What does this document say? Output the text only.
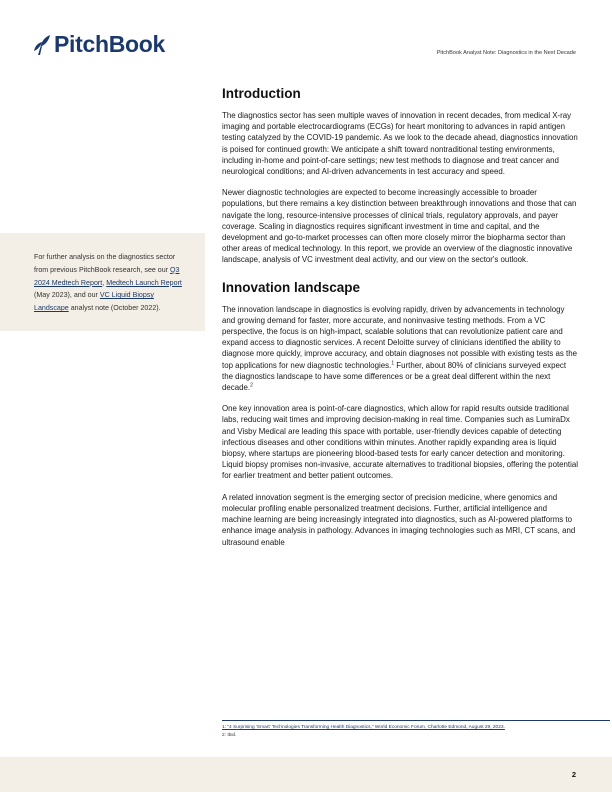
PitchBook	PitchBook Analyst Note: Diagnostics in the Next Decade
For further analysis on the diagnostics sector from previous PitchBook research, see our Q3 2024 Medtech Report, Medtech Launch Report (May 2023), and our VC Liquid Biopsy Landscape analyst note (October 2022).
Introduction

The diagnostics sector has seen multiple waves of innovation in recent decades, from medical X-ray imaging and portable electrocardiograms (ECGs) for heart monitoring to advances in rapid antigen testing catalyzed by the COVID-19 pandemic. As we look to the decade ahead, diagnostics innovation is poised for continued growth: We anticipate a shift toward nontraditional testing environments, including in-home and point-of-care settings; new test methods to diagnose and treat cancer and neurological conditions; and AI-driven advancements in test accuracy and speed.

Newer diagnostic technologies are expected to become increasingly accessible to broader populations, but there remains a key distinction between breakthrough innovations and those that can navigate the long, resource-intensive processes of clinical trials, regulatory approvals, and payer coverage. Scaling in diagnostics requires significant investment in time and capital, and the development and go-to-market processes can often more closely mirror the biopharma sector than other areas of medical technology. In this report, we provide an overview of the diagnostic innovative landscape, analysis of VC investment deal activity, and our view on the sector's outlook.

Innovation landscape

The innovation landscape in diagnostics is evolving rapidly, driven by advancements in technology and growing demand for faster, more accurate, and noninvasive testing methods. From a VC perspective, the focus is on high-impact, scalable solutions that can revolutionize patient care and expand access to diagnostic services. A recent Deloitte survey of clinicians identified the ability to diagnose more quickly, improve accuracy, and obtain diagnoses not possible with existing tests as the top applications for new diagnostic technologies.$^1$ Further, about 80% of clinicians surveyed expect the diagnostics landscape to have some differences or be a great deal different within the next decade.$^2$

One key innovation area is point-of-care diagnostics, which allow for rapid results outside traditional labs, reducing wait times and improving decision-making in real time. Companies such as LumiraDx and Visby Medical are leading this space with portable, user-friendly devices capable of detecting infectious diseases and other conditions within minutes. Another rapidly expanding area is liquid biopsy, where startups are pioneering blood-based tests for early cancer detection and monitoring. Liquid biopsy promises non-invasive, accurate alternatives to traditional biopsies, offering the potential for earlier treatment and better patient outcomes.

A related innovation segment is the emerging sector of precision medicine, where genomics and molecular profiling enable personalized treatment decisions. Further, artificial intelligence and machine learning are being increasingly integrated into diagnostics, such as AI-powered platforms to enhance image analysis in pathology. Advances in imaging technologies such as MRI, CT scans, and ultrasound enable

1: "4 Surprising 'Smart' Technologies Transforming Health Diagnostics," World Economic Forum, Charlotte Edmond, August 29, 2023.
2: Ibid.
2
